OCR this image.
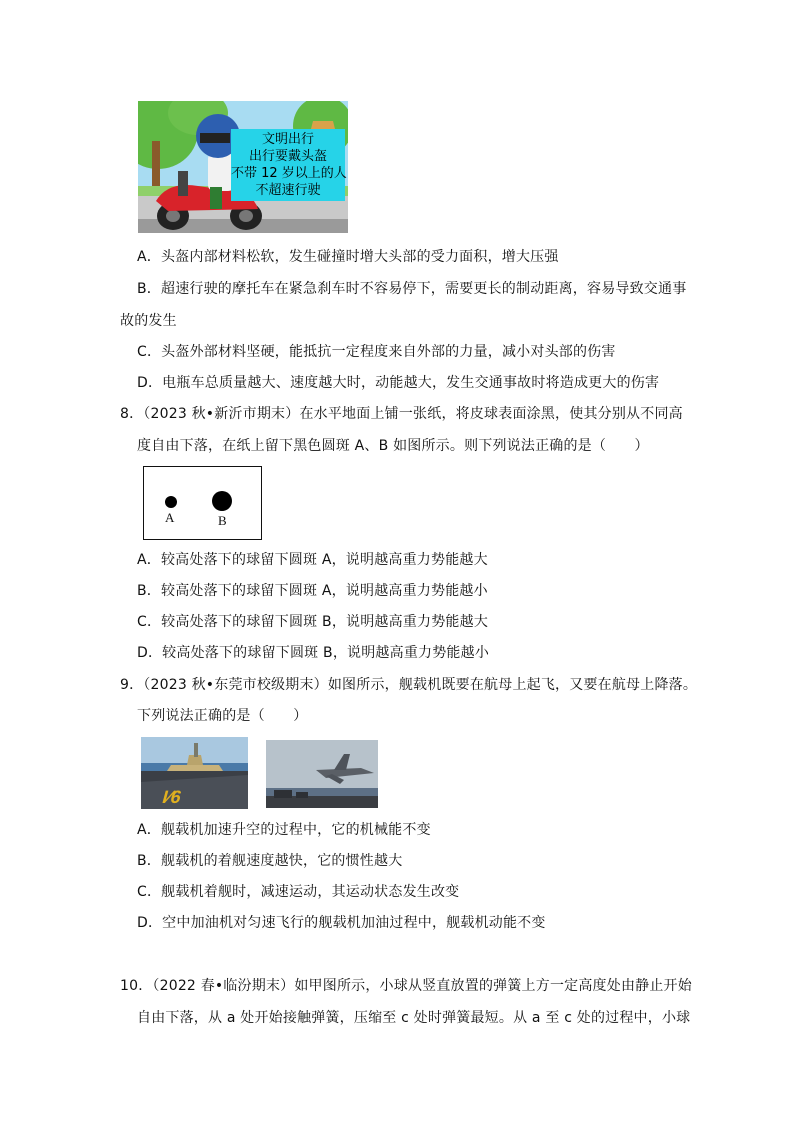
文明出行
出行要戴头盔
不带 12 岁以上的人
不超速行驶
A．头盔内部材料松软，发生碰撞时增大头部的受力面积，增大压强
B．超速行驶的摩托车在紧急刹车时不容易停下，需要更长的制动距离，容易导致交通事
故的发生
C．头盔外部材料坚硬，能抵抗一定程度来自外部的力量，减小对头部的伤害
D．电瓶车总质量越大、速度越大时，动能越大，发生交通事故时将造成更大的伤害
8．（2023 秋•新沂市期末）在水平地面上铺一张纸，将皮球表面涂黑，使其分别从不同高
度自由下落，在纸上留下黑色圆斑 A、B 如图所示。则下列说法正确的是（　　）
A	B
A．较高处落下的球留下圆斑 A，说明越高重力势能越大
B．较高处落下的球留下圆斑 A，说明越高重力势能越小
C．较高处落下的球留下圆斑 B，说明越高重力势能越大
D．较高处落下的球留下圆斑 B，说明越高重力势能越小
9．（2023 秋•东莞市校级期末）如图所示，舰载机既要在航母上起飞，又要在航母上降落。
下列说法正确的是（　　）
I⁄6
A．舰载机加速升空的过程中，它的机械能不变
B．舰载机的着舰速度越快，它的惯性越大
C．舰载机着舰时，减速运动，其运动状态发生改变
D．空中加油机对匀速飞行的舰载机加油过程中，舰载机动能不变
10．（2022 春•临汾期末）如甲图所示，小球从竖直放置的弹簧上方一定高度处由静止开始
自由下落，从 a 处开始接触弹簧，压缩至 c 处时弹簧最短。从 a 至 c 处的过程中，小球
